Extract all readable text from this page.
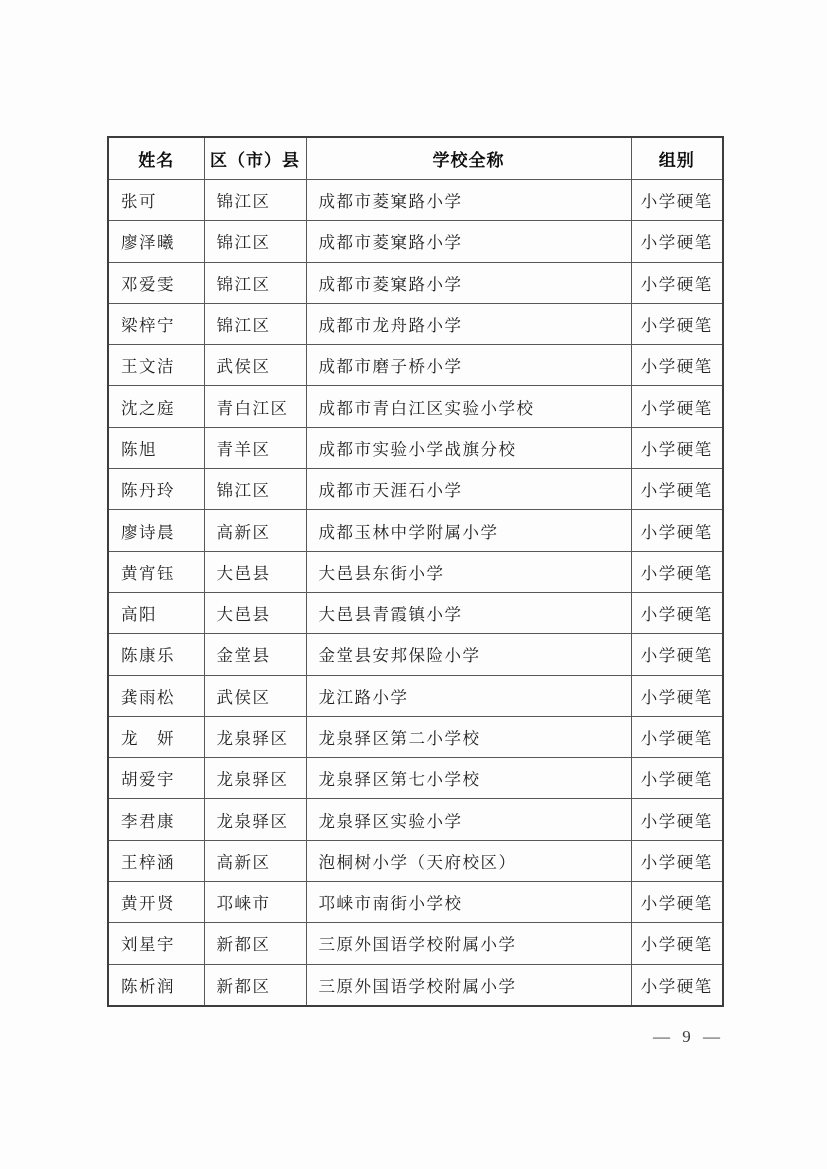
姓名	区（市）县	学校全称	组别
张可	锦江区	成都市菱窠路小学	小学硬笔
廖泽曦	锦江区	成都市菱窠路小学	小学硬笔
邓爱雯	锦江区	成都市菱窠路小学	小学硬笔
梁梓宁	锦江区	成都市龙舟路小学	小学硬笔
王文洁	武侯区	成都市磨子桥小学	小学硬笔
沈之庭	青白江区	成都市青白江区实验小学校	小学硬笔
陈旭	青羊区	成都市实验小学战旗分校	小学硬笔
陈丹玲	锦江区	成都市天涯石小学	小学硬笔
廖诗晨	高新区	成都玉林中学附属小学	小学硬笔
黄宵钰	大邑县	大邑县东街小学	小学硬笔
高阳	大邑县	大邑县青霞镇小学	小学硬笔
陈康乐	金堂县	金堂县安邦保险小学	小学硬笔
龚雨松	武侯区	龙江路小学	小学硬笔
龙　妍	龙泉驿区	龙泉驿区第二小学校	小学硬笔
胡爱宇	龙泉驿区	龙泉驿区第七小学校	小学硬笔
李君康	龙泉驿区	龙泉驿区实验小学	小学硬笔
王梓涵	高新区	泡桐树小学（天府校区）	小学硬笔
黄开贤	邛崃市	邛崃市南街小学校	小学硬笔
刘星宇	新都区	三原外国语学校附属小学	小学硬笔
陈析润	新都区	三原外国语学校附属小学	小学硬笔
— 9 —
